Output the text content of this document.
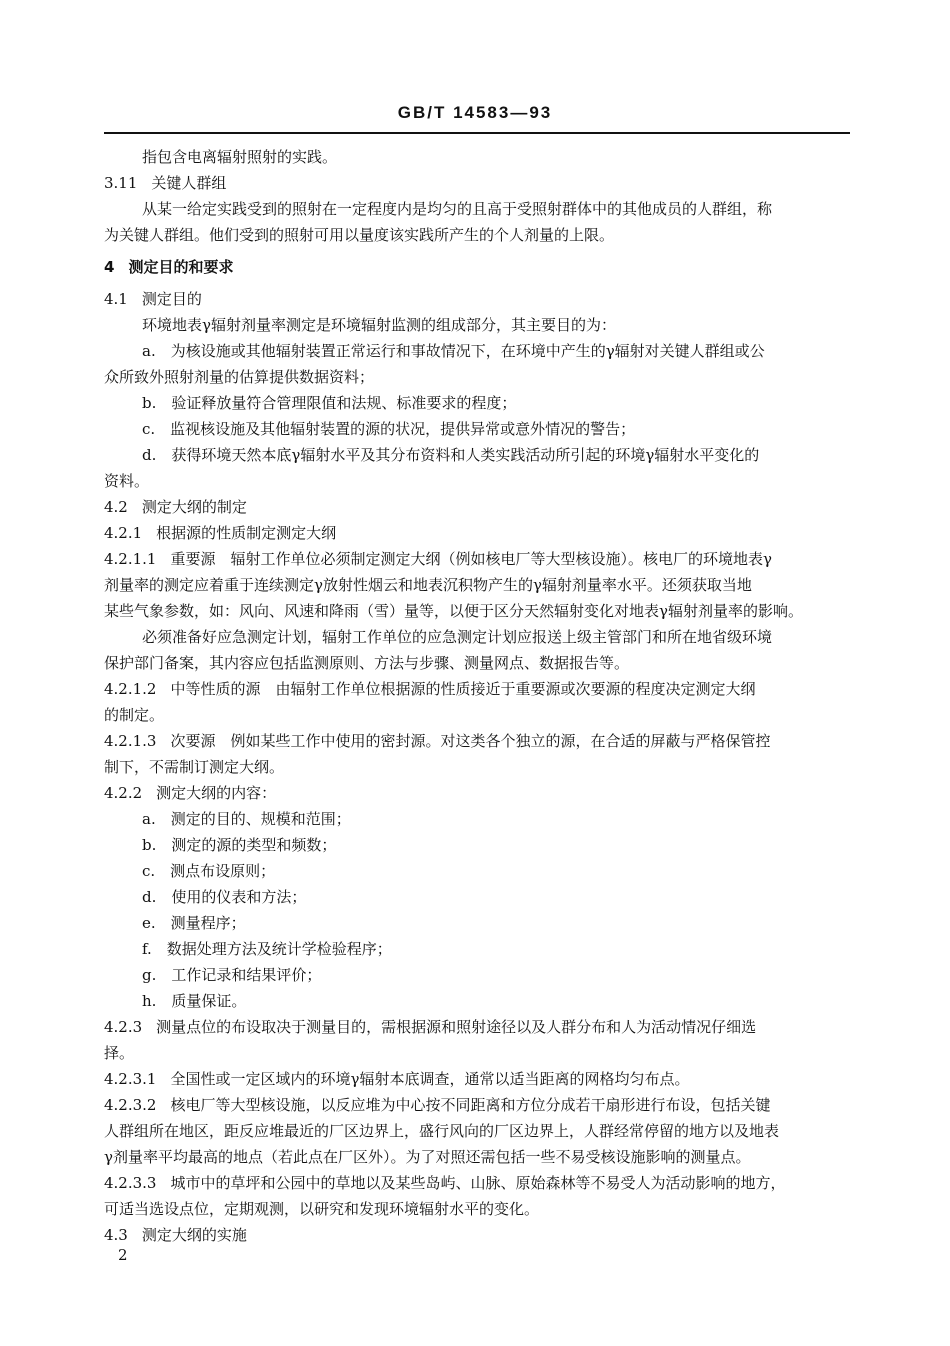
GB/T 14583—93
指包含电离辐射照射的实践。
3.11 关键人群组
从某一给定实践受到的照射在一定程度内是均匀的且高于受照射群体中的其他成员的人群组，称
为关键人群组。他们受到的照射可用以量度该实践所产生的个人剂量的上限。
4 测定目的和要求
4.1 测定目的
环境地表γ辐射剂量率测定是环境辐射监测的组成部分，其主要目的为：
a.　为核设施或其他辐射装置正常运行和事故情况下，在环境中产生的γ辐射对关键人群组或公
众所致外照射剂量的估算提供数据资料；
b.　验证释放量符合管理限值和法规、标准要求的程度；
c.　监视核设施及其他辐射装置的源的状况，提供异常或意外情况的警告；
d.　获得环境天然本底γ辐射水平及其分布资料和人类实践活动所引起的环境γ辐射水平变化的
资料。
4.2 测定大纲的制定
4.2.1 根据源的性质制定测定大纲
4.2.1.1 重要源　辐射工作单位必须制定测定大纲（例如核电厂等大型核设施）。核电厂的环境地表γ
剂量率的测定应着重于连续测定γ放射性烟云和地表沉积物产生的γ辐射剂量率水平。还须获取当地
某些气象参数，如：风向、风速和降雨（雪）量等，以便于区分天然辐射变化对地表γ辐射剂量率的影响。
必须准备好应急测定计划，辐射工作单位的应急测定计划应报送上级主管部门和所在地省级环境
保护部门备案，其内容应包括监测原则、方法与步骤、测量网点、数据报告等。
4.2.1.2 中等性质的源　由辐射工作单位根据源的性质接近于重要源或次要源的程度决定测定大纲
的制定。
4.2.1.3 次要源　例如某些工作中使用的密封源。对这类各个独立的源，在合适的屏蔽与严格保管控
制下，不需制订测定大纲。
4.2.2 测定大纲的内容：
a.　测定的目的、规模和范围；
b.　测定的源的类型和频数；
c.　测点布设原则；
d.　使用的仪表和方法；
e.　测量程序；
f.　数据处理方法及统计学检验程序；
g.　工作记录和结果评价；
h.　质量保证。
4.2.3 测量点位的布设取决于测量目的，需根据源和照射途径以及人群分布和人为活动情况仔细选
择。
4.2.3.1 全国性或一定区域内的环境γ辐射本底调查，通常以适当距离的网格均匀布点。
4.2.3.2 核电厂等大型核设施，以反应堆为中心按不同距离和方位分成若干扇形进行布设，包括关键
人群组所在地区，距反应堆最近的厂区边界上，盛行风向的厂区边界上，人群经常停留的地方以及地表
γ剂量率平均最高的地点（若此点在厂区外）。为了对照还需包括一些不易受核设施影响的测量点。
4.2.3.3 城市中的草坪和公园中的草地以及某些岛屿、山脉、原始森林等不易受人为活动影响的地方，
可适当选设点位，定期观测，以研究和发现环境辐射水平的变化。
4.3 测定大纲的实施
2
